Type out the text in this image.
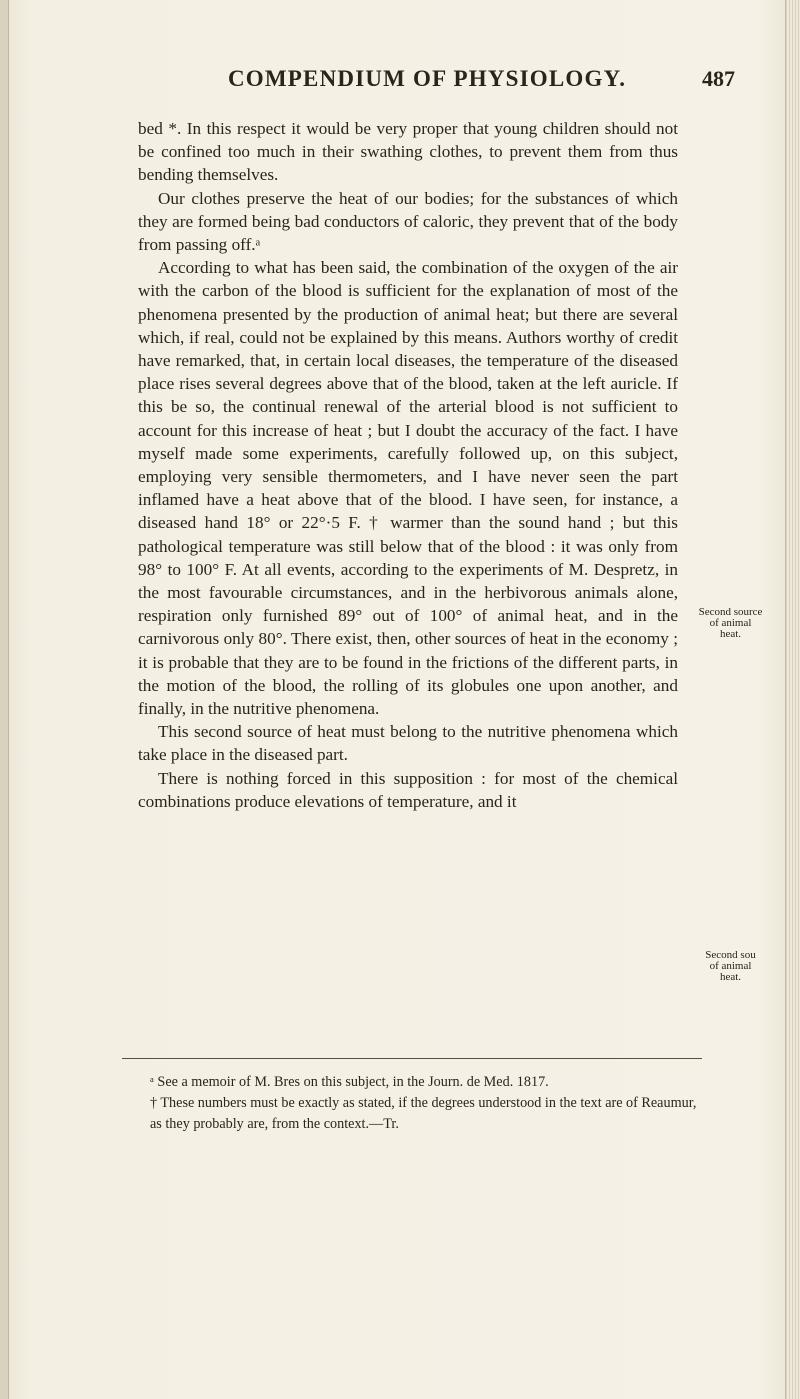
COMPENDIUM OF PHYSIOLOGY.	487

bed *. In this respect it would be very proper that young children should not be confined too much in their swathing clothes, to prevent them from thus bending themselves.

Our clothes preserve the heat of our bodies; for the substances of which they are formed being bad conductors of caloric, they prevent that of the body from passing off.ᵃ

According to what has been said, the combination of the oxygen of the air with the carbon of the blood is sufficient for the explanation of most of the phenomena presented by the production of animal heat; but there are several which, if real, could not be explained by this means. Authors worthy of credit have remarked, that, in certain local diseases, the temperature of the diseased place rises several degrees above that of the blood, taken at the left auricle. If this be so, the continual renewal of the arterial blood is not sufficient to account for this increase of heat ; but I doubt the accuracy of the fact. I have myself made some experiments, carefully followed up, on this subject, employing very sensible thermometers, and I have never seen the part inflamed have a heat above that of the blood. I have seen, for instance, a diseased hand 18° or 22°·5 F. † warmer than the sound hand ; but this pathological temperature was still below that of the blood : it was only from 98° to 100° F. At all events, according to the experiments of M. Despretz, in the most favourable circumstances, and in the herbivorous animals alone, respiration only furnished 89° out of 100° of animal heat, and in the carnivorous only 80°. There exist, then, other sources of heat in the economy ; it is probable that they are to be found in the frictions of the different parts, in the motion of the blood, the rolling of its globules one upon another, and finally, in the nutritive phenomena.

This second source of heat must belong to the nutritive phenomena which take place in the diseased part.

There is nothing forced in this supposition : for most of the chemical combinations produce elevations of temperature, and it

Second source
of animal
heat.
Second sou
of animal
heat.

ᵃ See a memoir of M. Bres on this subject, in the Journ. de Med. 1817.

† These numbers must be exactly as stated, if the degrees understood in the text are of Reaumur, as they probably are, from the context.—Tr.
